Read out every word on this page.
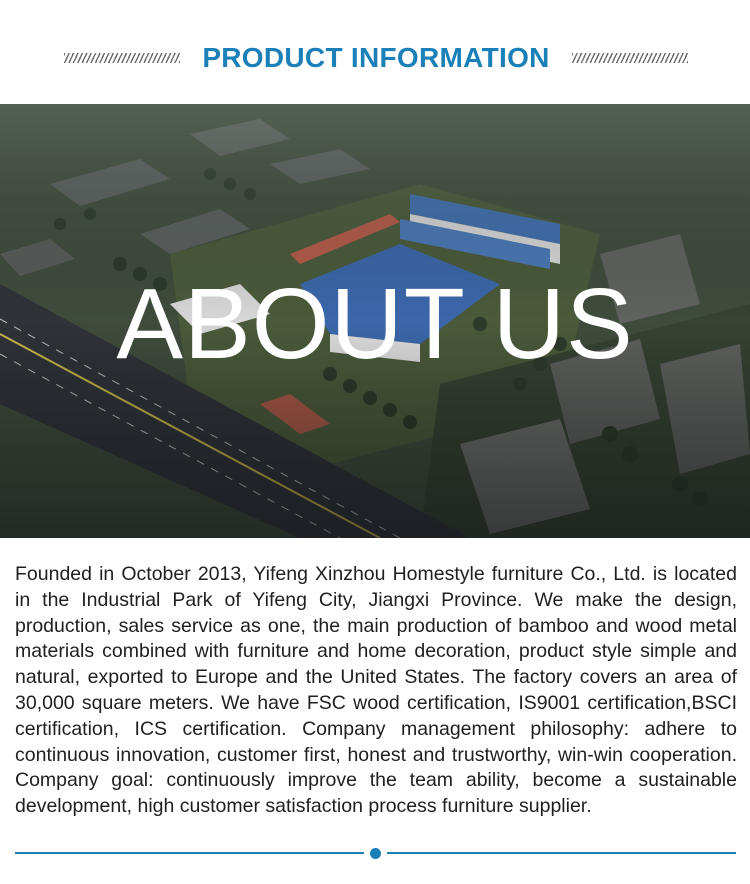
PRODUCT INFORMATION
ABOUT US

Founded in October 2013, Yifeng Xinzhou Homestyle furniture Co., Ltd. is located in the Industrial Park of Yifeng City, Jiangxi Province. We make the design, production, sales service as one, the main production of bamboo and wood metal materials combined with furniture and home decoration, product style simple and natural, exported to Europe and the United States. The factory covers an area of 30,000 square meters. We have FSC wood certification, IS9001 certification,BSCI certification, ICS certification. Company management philosophy: adhere to continuous innovation, customer first, honest and trustworthy, win-win cooperation. Company goal: continuously improve the team ability, become a sustainable development, high customer satisfaction process furniture supplier.
